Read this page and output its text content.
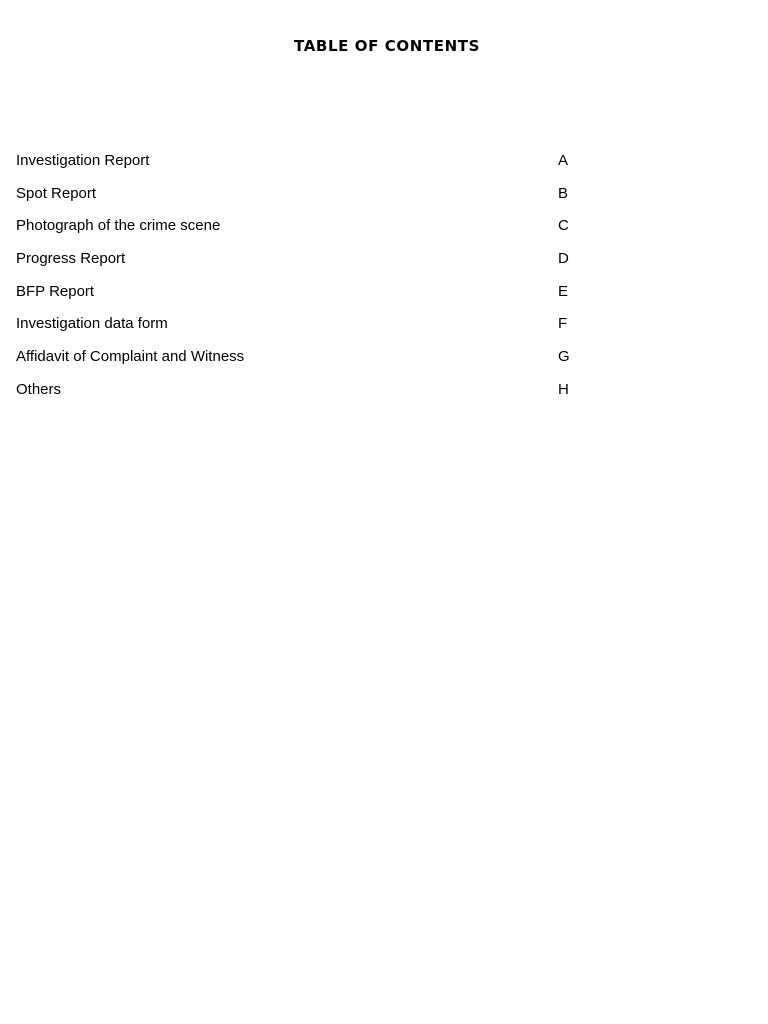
TABLE OF CONTENTS
Investigation Report	A
Spot Report	B
Photograph of the crime scene	C
Progress Report	D
BFP Report	E
Investigation data form	F
Affidavit of Complaint and Witness	G
Others	H
